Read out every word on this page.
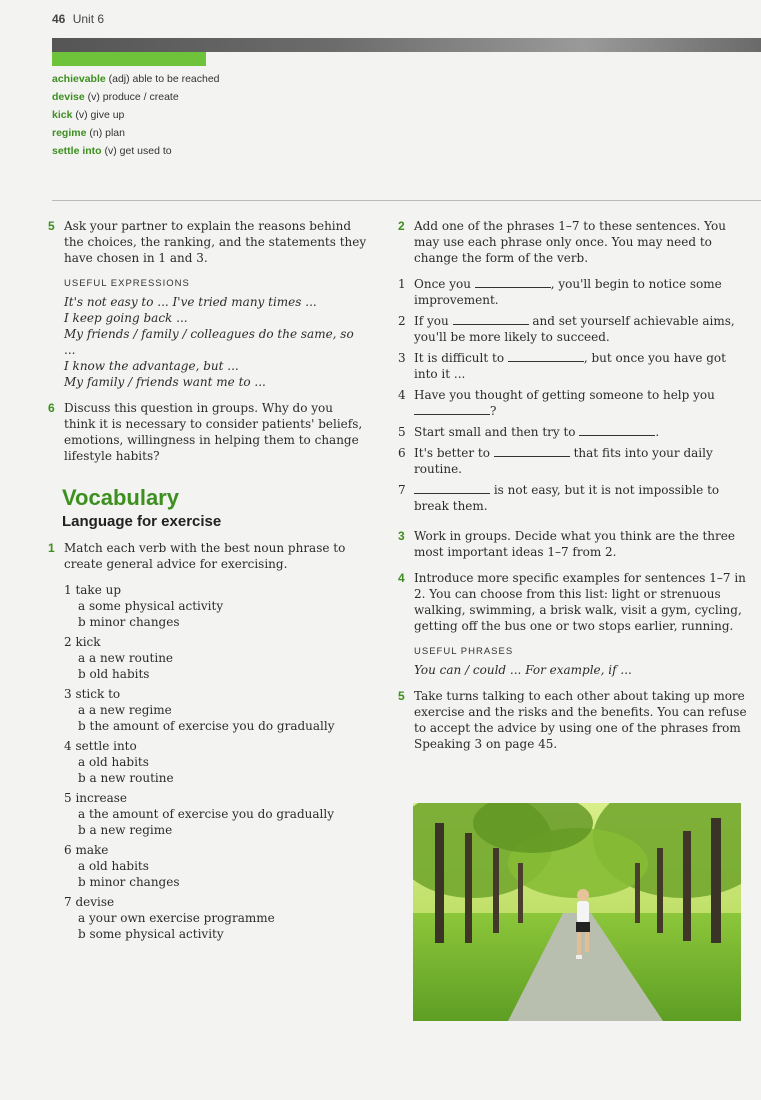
46 Unit 6
achievable (adj) able to be reached
devise (v) produce / create
kick (v) give up
regime (n) plan
settle into (v) get used to
5 Ask your partner to explain the reasons behind the choices, the ranking, and the statements they have chosen in 1 and 3.
USEFUL EXPRESSIONS
It's not easy to ... I've tried many times ...
I keep going back ...
My friends / family / colleagues do the same, so ...
I know the advantage, but ...
My family / friends want me to ...
6 Discuss this question in groups. Why do you think it is necessary to consider patients' beliefs, emotions, willingness in helping them to change lifestyle habits?
Vocabulary
Language for exercise
1 Match each verb with the best noun phrase to create general advice for exercising.
1 take up
a some physical activity
b minor changes
2 kick
a a new routine
b old habits
3 stick to
a a new regime
b the amount of exercise you do gradually
4 settle into
a old habits
b a new routine
5 increase
a the amount of exercise you do gradually
b a new regime
6 make
a old habits
b minor changes
7 devise
a your own exercise programme
b some physical activity
2 Add one of the phrases 1–7 to these sentences. You may use each phrase only once. You may need to change the form of the verb.
1 Once you	, you'll begin to notice some improvement.
2 If you	and set yourself achievable aims, you'll be more likely to succeed.
3 It is difficult to	, but once you have got into it ...
4 Have you thought of getting someone to help you ?
5 Start small and then try to	.
6 It's better to	that fits into your daily routine.
7	is not easy, but it is not impossible to break them.
3 Work in groups. Decide what you think are the three most important ideas 1–7 from 2.
4 Introduce more specific examples for sentences 1–7 in 2. You can choose from this list: light or strenuous walking, swimming, a brisk walk, visit a gym, cycling, getting off the bus one or two stops earlier, running.
USEFUL PHRASES
You can / could ... For example, if ...
5 Take turns talking to each other about taking up more exercise and the risks and the benefits. You can refuse to accept the advice by using one of the phrases from Speaking 3 on page 45.
